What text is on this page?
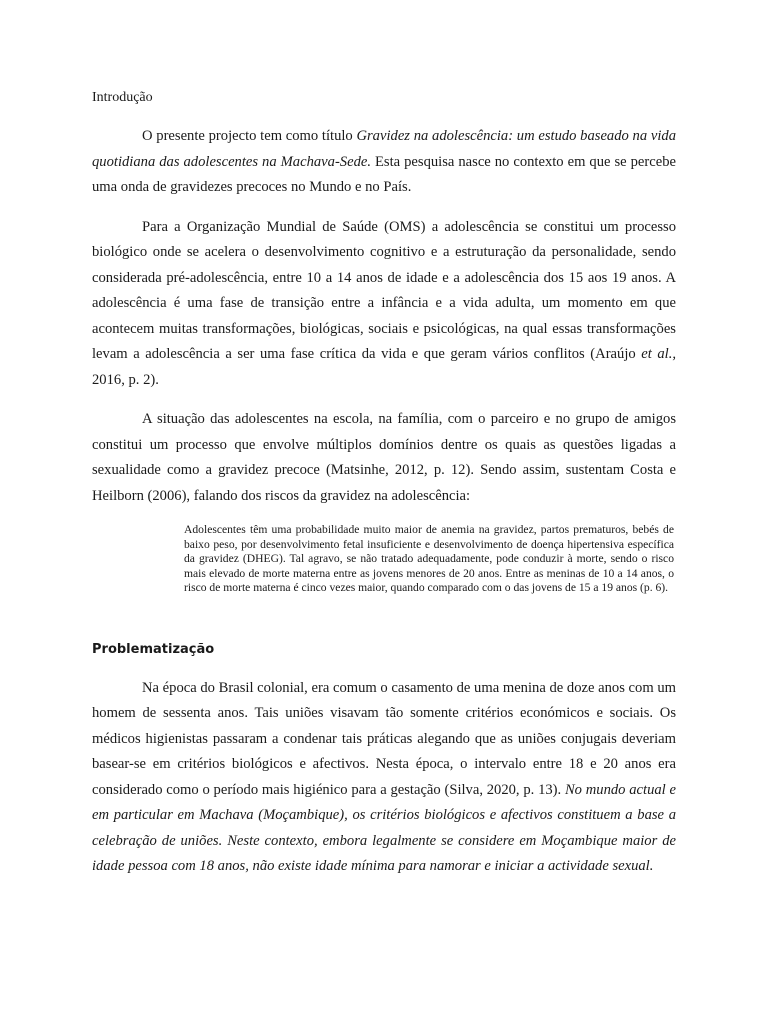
Introdução

O presente projecto tem como título Gravidez na adolescência: um estudo baseado na vida quotidiana das adolescentes na Machava-Sede. Esta pesquisa nasce no contexto em que se percebe uma onda de gravidezes precoces no Mundo e no País.

Para a Organização Mundial de Saúde (OMS) a adolescência se constitui um processo biológico onde se acelera o desenvolvimento cognitivo e a estruturação da personalidade, sendo considerada pré-adolescência, entre 10 a 14 anos de idade e a adolescência dos 15 aos 19 anos. A adolescência é uma fase de transição entre a infância e a vida adulta, um momento em que acontecem muitas transformações, biológicas, sociais e psicológicas, na qual essas transformações levam a adolescência a ser uma fase crítica da vida e que geram vários conflitos (Araújo et al., 2016, p. 2).

A situação das adolescentes na escola, na família, com o parceiro e no grupo de amigos constitui um processo que envolve múltiplos domínios dentre os quais as questões ligadas a sexualidade como a gravidez precoce (Matsinhe, 2012, p. 12). Sendo assim, sustentam Costa e Heilborn (2006), falando dos riscos da gravidez na adolescência:

Adolescentes têm uma probabilidade muito maior de anemia na gravidez, partos prematuros, bebés de baixo peso, por desenvolvimento fetal insuficiente e desenvolvimento de doença hipertensiva específica da gravidez (DHEG). Tal agravo, se não tratado adequadamente, pode conduzir à morte, sendo o risco mais elevado de morte materna entre as jovens menores de 20 anos. Entre as meninas de 10 a 14 anos, o risco de morte materna é cinco vezes maior, quando comparado com o das jovens de 15 a 19 anos (p. 6).
Problematização

Na época do Brasil colonial, era comum o casamento de uma menina de doze anos com um homem de sessenta anos. Tais uniões visavam tão somente critérios económicos e sociais. Os médicos higienistas passaram a condenar tais práticas alegando que as uniões conjugais deveriam basear-se em critérios biológicos e afectivos. Nesta época, o intervalo entre 18 e 20 anos era considerado como o período mais higiénico para a gestação (Silva, 2020, p. 13). No mundo actual e em particular em Machava (Moçambique), os critérios biológicos e afectivos constituem a base a celebração de uniões. Neste contexto, embora legalmente se considere em Moçambique maior de idade pessoa com 18 anos, não existe idade mínima para namorar e iniciar a actividade sexual.
